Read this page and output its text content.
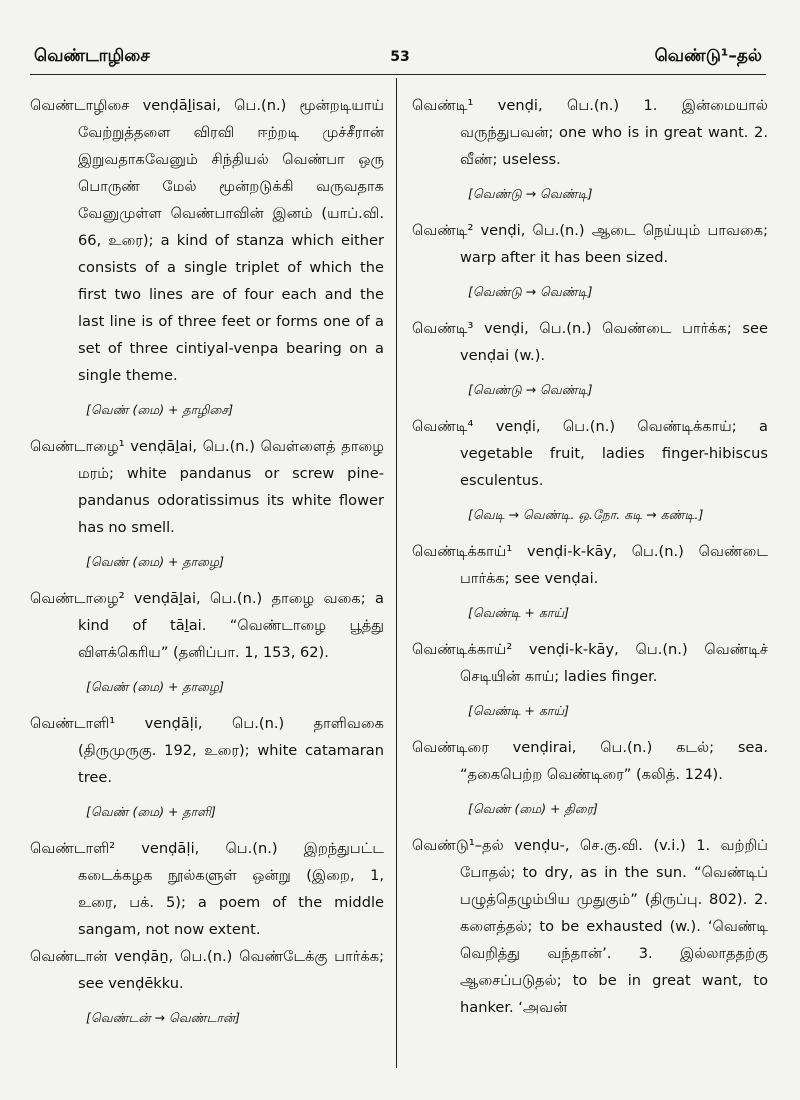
வெண்டாழிசை	53	வெண்டு¹–தல்

வெண்டாழிசை venḍāḻisai, பெ.(n.) மூன்றடியாய் வேற்றுத்தளை விரவி ஈற்றடி முச்சீரான் இறுவதாகவேனும் சிந்தியல் வெண்பா ஒரு பொருண் மேல் மூன்றடுக்கி வருவதாக வேனுமுள்ள வெண்பாவின் இனம் (யாப்.வி. 66, உரை); a kind of stanza which either consists of a single triplet of which the first two lines are of four each and the last line is of three feet or forms one of a set of three cintiyal-venpa bearing on a single theme.

[வெண் (மை) + தாழிசை]

வெண்டாழை¹ venḍāḻai, பெ.(n.) வெள்ளைத் தாழை மரம்; white pandanus or screw pine-pandanus odoratissimus its white flower has no smell.

[வெண் (மை) + தாழை]

வெண்டாழை² venḍāḻai, பெ.(n.) தாழை வகை; a kind of tāḻai. “வெண்டாழை பூத்து விளக்கெரிய” (தனிப்பா. 1, 153, 62).

[வெண் (மை) + தாழை]

வெண்டாளி¹ venḍāḷi, பெ.(n.) தாளிவகை (திருமுருகு. 192, உரை); white catamaran tree.

[வெண் (மை) + தாளி]

வெண்டாளி² venḍāḷi, பெ.(n.) இறந்துபட்ட கடைக்கழக நூல்களுள் ஒன்று (இறை, 1, உரை, பக். 5); a poem of the middle sangam, not now extent.

வெண்டான் venḍāṉ, பெ.(n.) வெண்டேக்கு பார்க்க; see venḍēkku.

[வெண்டன் → வெண்டான்]

வெண்டி¹ venḍi, பெ.(n.) 1. இன்மையால் வருந்துபவன்; one who is in great want. 2. வீண்; useless.

[வெண்டு → வெண்டி]

வெண்டி² venḍi, பெ.(n.) ஆடை நெய்யும் பாவகை; warp after it has been sized.

[வெண்டு → வெண்டி]

வெண்டி³ venḍi, பெ.(n.) வெண்டை பார்க்க; see venḍai (w.).

[வெண்டு → வெண்டி]

வெண்டி⁴ venḍi, பெ.(n.) வெண்டிக்காய்; a vegetable fruit, ladies finger-hibiscus esculentus.

[வெடி → வெண்டி. ஒ.நோ. கடி → கண்டி.]

வெண்டிக்காய்¹ venḍi-k-kāy, பெ.(n.) வெண்டை பார்க்க; see venḍai.

[வெண்டி + காய்]

வெண்டிக்காய்² venḍi-k-kāy, பெ.(n.) வெண்டிச் செடியின் காய்; ladies finger.

[வெண்டி + காய்]

வெண்டிரை venḍirai, பெ.(n.) கடல்; sea. “தகைபெற்ற வெண்டிரை” (கலித். 124).

[வெண் (மை) + திரை]

வெண்டு¹–தல் venḍu-, செ.கு.வி. (v.i.) 1. வற்றிப் போதல்; to dry, as in the sun. “வெண்டிப் பழுத்தெழும்பிய முதுகும்” (திருப்பு. 802). 2. களைத்தல்; to be exhausted (w.). ‘வெண்டி வெறித்து வந்தான்’. 3. இல்லாததற்கு ஆசைப்படுதல்; to be in great want, to hanker. ‘அவன்
